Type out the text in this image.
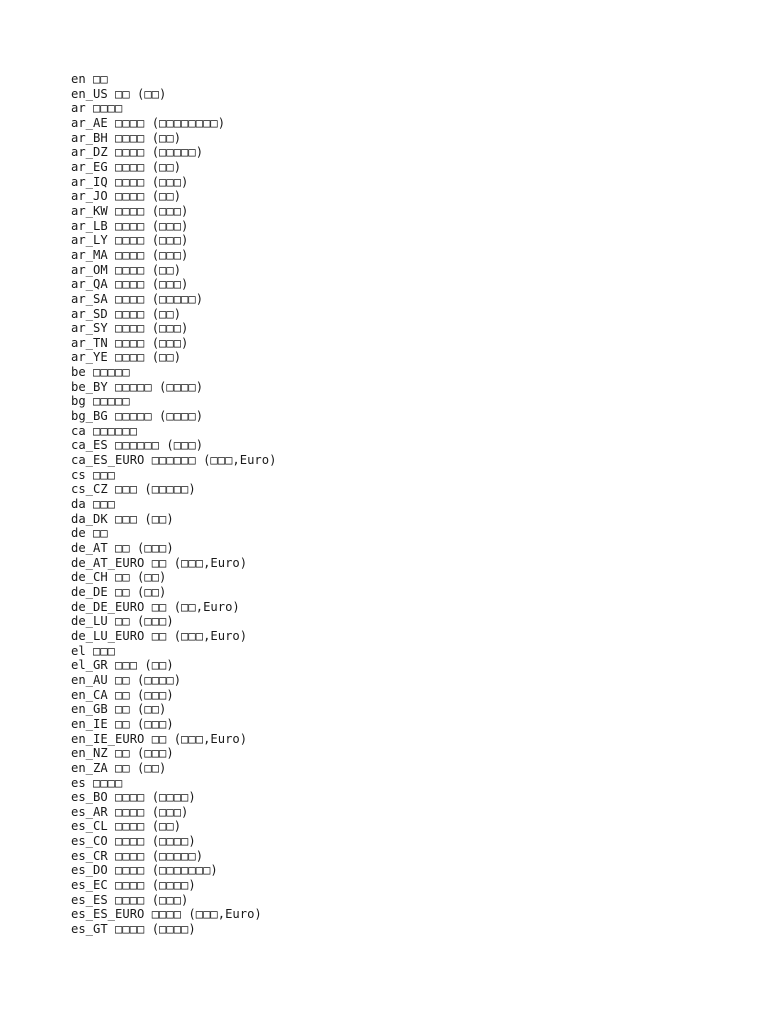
en □□
en_US □□ (□□)
ar □□□□
ar_AE □□□□ (□□□□□□□□)
ar_BH □□□□ (□□)
ar_DZ □□□□ (□□□□□)
ar_EG □□□□ (□□)
ar_IQ □□□□ (□□□)
ar_JO □□□□ (□□)
ar_KW □□□□ (□□□)
ar_LB □□□□ (□□□)
ar_LY □□□□ (□□□)
ar_MA □□□□ (□□□)
ar_OM □□□□ (□□)
ar_QA □□□□ (□□□)
ar_SA □□□□ (□□□□□)
ar_SD □□□□ (□□)
ar_SY □□□□ (□□□)
ar_TN □□□□ (□□□)
ar_YE □□□□ (□□)
be □□□□□
be_BY □□□□□ (□□□□)
bg □□□□□
bg_BG □□□□□ (□□□□)
ca □□□□□□
ca_ES □□□□□□ (□□□)
ca_ES_EURO □□□□□□ (□□□,Euro)
cs □□□
cs_CZ □□□ (□□□□□)
da □□□
da_DK □□□ (□□)
de □□
de_AT □□ (□□□)
de_AT_EURO □□ (□□□,Euro)
de_CH □□ (□□)
de_DE □□ (□□)
de_DE_EURO □□ (□□,Euro)
de_LU □□ (□□□)
de_LU_EURO □□ (□□□,Euro)
el □□□
el_GR □□□ (□□)
en_AU □□ (□□□□)
en_CA □□ (□□□)
en_GB □□ (□□)
en_IE □□ (□□□)
en_IE_EURO □□ (□□□,Euro)
en_NZ □□ (□□□)
en_ZA □□ (□□)
es □□□□
es_BO □□□□ (□□□□)
es_AR □□□□ (□□□)
es_CL □□□□ (□□)
es_CO □□□□ (□□□□)
es_CR □□□□ (□□□□□)
es_DO □□□□ (□□□□□□□)
es_EC □□□□ (□□□□)
es_ES □□□□ (□□□)
es_ES_EURO □□□□ (□□□,Euro)
es_GT □□□□ (□□□□)
